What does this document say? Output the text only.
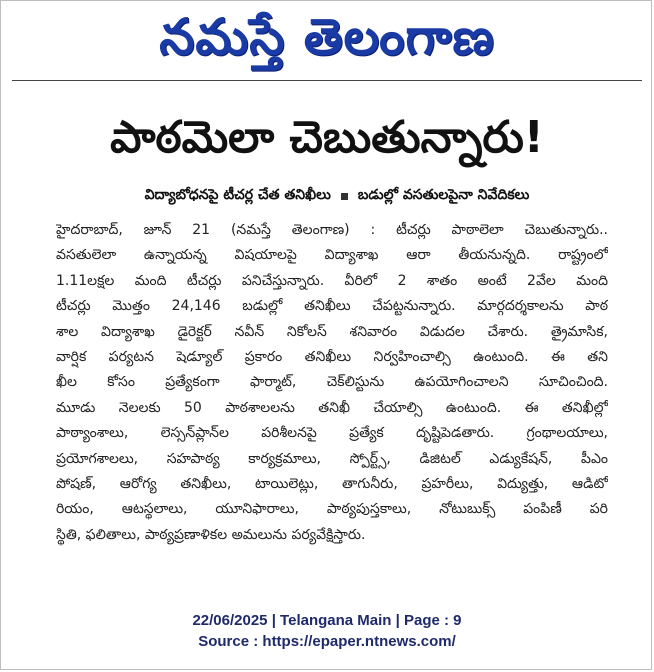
నమస్తే తెలంగాణ
పాఠమెలా చెబుతున్నారు!
విద్యాబోధనపై టీచర్ల చేత తనిఖీలు బడుల్లో వసతులపైనా నివేదికలు
హైదరాబాద్, జూన్ 21 (నమస్తే తెలంగాణ) : టీచర్లు పాఠాలెలా చెబుతున్నారు..
వసతులెలా ఉన్నాయన్న విషయాలపై విద్యాశాఖ ఆరా తీయనున్నది. రాష్ట్రంలో
1.11లక్షల మంది టీచర్లు పనిచేస్తున్నారు. వీరిలో 2 శాతం అంటే 2వేల మంది
టీచర్లు మొత్తం 24,146 బడుల్లో తనిఖీలు చేపట్టనున్నారు. మార్గదర్శకాలను పాఠ
శాల విద్యాశాఖ డైరెక్టర్ నవీన్ నికోలస్ శనివారం విడుదల చేశారు. త్రైమాసిక,
వార్షిక పర్యటన షెడ్యూల్ ప్రకారం తనిఖీలు నిర్వహించాల్సి ఉంటుంది. ఈ తని
ఖీల కోసం ప్రత్యేకంగా ఫార్మాట్, చెక్‌లిస్టును ఉపయోగించాలని సూచించింది.
మూడు నెలలకు 50 పాఠశాలలను తనిఖీ చేయాల్సి ఉంటుంది. ఈ తనిఖీల్లో
పాఠ్యాంశాలు, లెస్సన్‌ప్లాన్‌ల పరిశీలనపై ప్రత్యేక దృష్టిపెడతారు. గ్రంథాలయాలు,
ప్రయోగశాలలు, సహపాఠ్య కార్యక్రమాలు, స్పోర్ట్స్, డిజిటల్ ఎడ్యుకేషన్, పీఎం
పోషణ్, ఆరోగ్య తనిఖీలు, టాయిలెట్లు, తాగునీరు, ప్రహరీలు, విద్యుత్తు, ఆడిటో
రియం, ఆటస్థలాలు, యూనిఫారాలు, పాఠ్యపుస్తకాలు, నోటుబుక్స్ పంపిణీ పరి
స్థితి, ఫలితాలు, పాఠ్యప్రణాళికల అమలును పర్యవేక్షిస్తారు.
22/06/2025 | Telangana Main | Page : 9
Source : https://epaper.ntnews.com/
